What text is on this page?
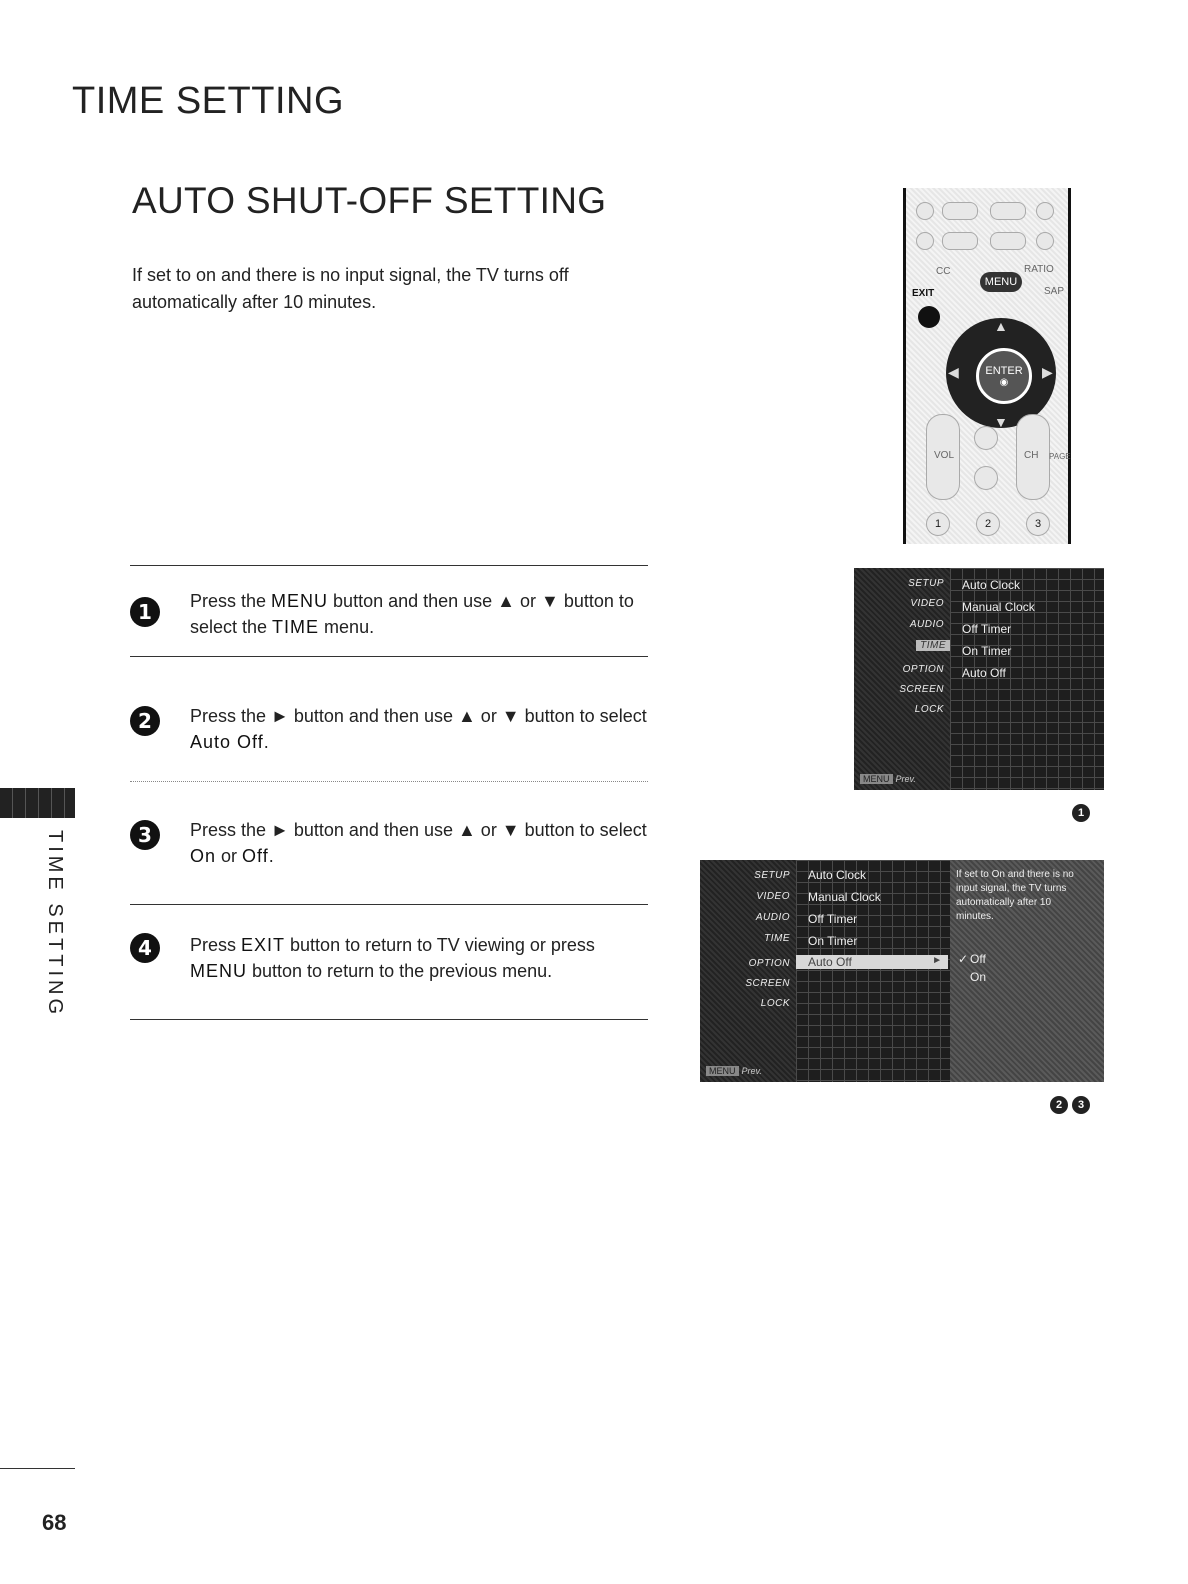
TIME SETTING
AUTO SHUT-OFF SETTING
If set to on and there is no input signal, the TV turns off automatically after 10 minutes.
1	Press the MENU button and then use ▲ or ▼ button to select the TIME menu.
2	Press the ► button and then use ▲ or ▼ button to select Auto Off.
3	Press the ► button and then use ▲ or ▼ button to select On or Off.
4	Press EXIT button to return to TV viewing or press MENU button to return to the previous menu.
TIME SETTING
68
CC	RATIO
MENU
EXIT	SAP
▲
▼
◀	▶
ENTER
◉
VOL	CH PAGE
1	2	3
SETUP
VIDEO
AUDIO
TIME
OPTION
SCREEN
LOCK
MENU Prev.
Auto Clock
Manual Clock
Off Timer
On Timer
Auto Off
1
SETUP
VIDEO
AUDIO
TIME
OPTION
SCREEN
LOCK
MENU Prev.
Auto Clock
Manual Clock
Off Timer
On Timer
Auto Off	►
If set to On and there is no input signal, the TV turns automatically after 10 minutes.
✓ Off
On
2	3
